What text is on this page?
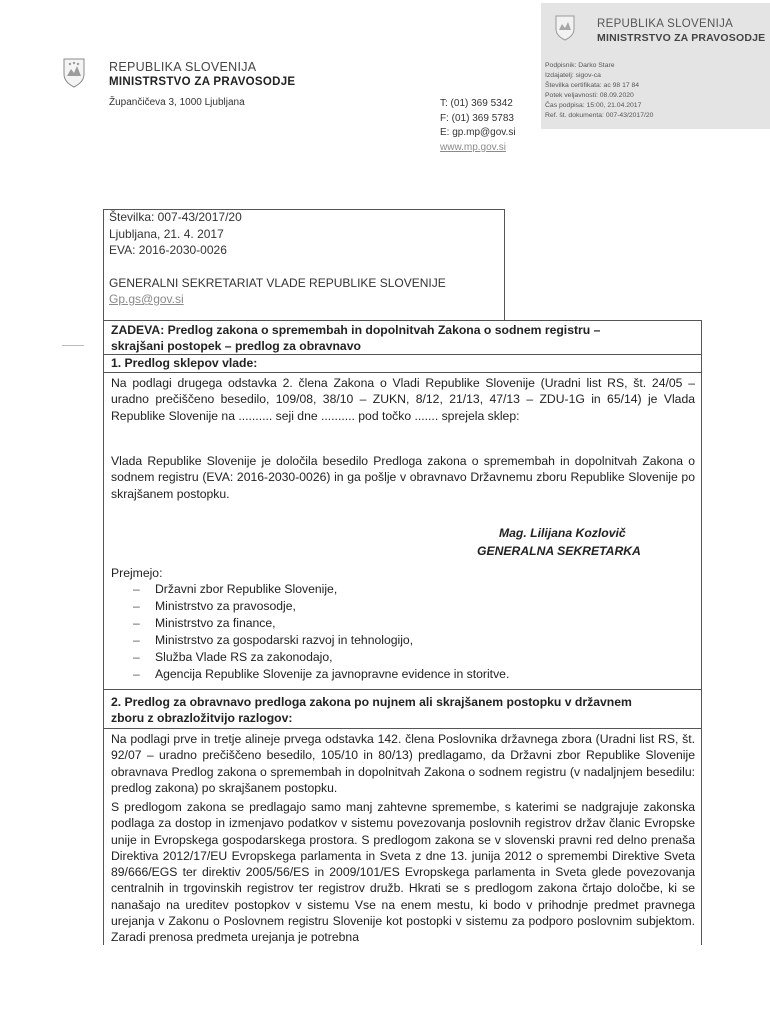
REPUBLIKA SLOVENIJA
MINISTRSTVO ZA PRAVOSODJE
Podpisnik: Darko Stare
Izdajatelj: sigov-ca
Številka certifikata: ac 98 17 84
Potek veljavnosti: 08.09.2020
Čas podpisa: 15:00, 21.04.2017
Ref. št. dokumenta: 007-43/2017/20
REPUBLIKA SLOVENIJA
MINISTRSTVO ZA PRAVOSODJE
Župančičeva 3, 1000 Ljubljana	T: (01) 369 5342
F: (01) 369 5783
E: gp.mp@gov.si
www.mp.gov.si
Številka: 007-43/2017/20
Ljubljana, 21. 4. 2017
EVA: 2016-2030-0026
GENERALNI SEKRETARIAT VLADE REPUBLIKE SLOVENIJE
Gp.gs@gov.si
ZADEVA: Predlog zakona o spremembah in dopolnitvah Zakona o sodnem registru –
skrajšani postopek – predlog za obravnavo
1. Predlog sklepov vlade:
Na podlagi drugega odstavka 2. člena Zakona o Vladi Republike Slovenije (Uradni list RS, št. 24/05 – uradno prečiščeno besedilo, 109/08, 38/10 – ZUKN, 8/12, 21/13, 47/13 – ZDU-1G in 65/14) je Vlada Republike Slovenije na .......... seji dne .......... pod točko ....... sprejela sklep:
Vlada Republike Slovenije je določila besedilo Predloga zakona o spremembah in dopolnitvah Zakona o sodnem registru (EVA: 2016-2030-0026) in ga pošlje v obravnavo Državnemu zboru Republike Slovenije po skrajšanem postopku.
Mag. Lilijana Kozlovič
GENERALNA SEKRETARKA
Prejmejo:
– Državni zbor Republike Slovenije,
– Ministrstvo za pravosodje,
– Ministrstvo za finance,
– Ministrstvo za gospodarski razvoj in tehnologijo,
– Služba Vlade RS za zakonodajo,
– Agencija Republike Slovenije za javnopravne evidence in storitve.
2. Predlog za obravnavo predloga zakona po nujnem ali skrajšanem postopku v državnem
zboru z obrazložitvijo razlogov:
Na podlagi prve in tretje alineje prvega odstavka 142. člena Poslovnika državnega zbora (Uradni list RS, št. 92/07 – uradno prečiščeno besedilo, 105/10 in 80/13) predlagamo, da Državni zbor Republike Slovenije obravnava Predlog zakona o spremembah in dopolnitvah Zakona o sodnem registru (v nadaljnjem besedilu: predlog zakona) po skrajšanem postopku.
S predlogom zakona se predlagajo samo manj zahtevne spremembe, s katerimi se nadgrajuje zakonska podlaga za dostop in izmenjavo podatkov v sistemu povezovanja poslovnih registrov držav članic Evropske unije in Evropskega gospodarskega prostora. S predlogom zakona se v slovenski pravni red delno prenaša Direktiva 2012/17/EU Evropskega parlamenta in Sveta z dne 13. junija 2012 o spremembi Direktive Sveta 89/666/EGS ter direktiv 2005/56/ES in 2009/101/ES Evropskega parlamenta in Sveta glede povezovanja centralnih in trgovinskih registrov ter registrov družb. Hkrati se s predlogom zakona črtajo določbe, ki se nanašajo na ureditev postopkov v sistemu Vse na enem mestu, ki bodo v prihodnje predmet pravnega urejanja v Zakonu o Poslovnem registru Slovenije kot postopki v sistemu za podporo poslovnim subjektom. Zaradi prenosa predmeta urejanja je potrebna
